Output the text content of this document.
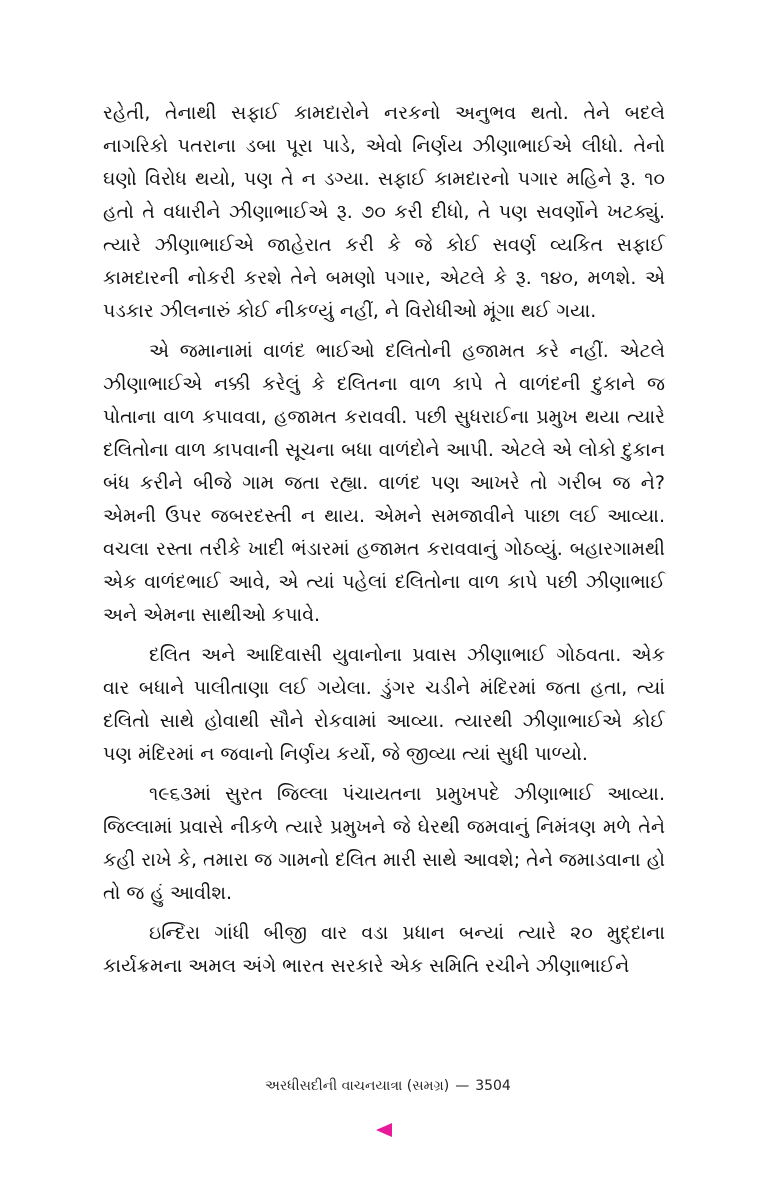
રહેતી, તેનાથી સફાઈ કામદારોને નરકનો અનુભવ થતો. તેને બદલે નાગરિકો પતરાના ડબા પૂરા પાડે, એવો નિર્ણય ઝીણાભાઈએ લીધો. તેનો ઘણો વિરોધ થયો, પણ તે ન ડગ્યા. સફાઈ કામદારનો પગાર મહિને રૂ. ૧૦ હતો તે વધારીને ઝીણાભાઈએ રૂ. ૭૦ કરી દીધો, તે પણ સવર્ણોને ખટક્યું. ત્યારે ઝીણાભાઈએ જાહેરાત કરી કે જે કોઈ સવર્ણ વ્યકિત સફાઈ કામદારની નોકરી કરશે તેને બમણો પગાર, એટલે કે રૂ. ૧૪૦, મળશે. એ પડકાર ઝીલનારું કોઈ નીકળ્યું નહીં, ને વિરોધીઓ મૂંગા થઈ ગયા.

એ જમાનામાં વાળંદ ભાઈઓ દલિતોની હજામત કરે નહીં. એટલે ઝીણાભાઈએ નક્કી કરેલું કે દલિતના વાળ કાપે તે વાળંદની દુકાને જ પોતાના વાળ કપાવવા, હજામત કરાવવી. પછી સુધરાઈના પ્રમુખ થયા ત્યારે દલિતોના વાળ કાપવાની સૂચના બધા વાળંદોને આપી. એટલે એ લોકો દુકાન બંધ કરીને બીજે ગામ જતા રહ્યા. વાળંદ પણ આખરે તો ગરીબ જ ને? એમની ઉપર જબરદસ્તી ન થાય. એમને સમજાવીને પાછા લઈ આવ્યા. વચલા રસ્તા તરીકે ખાદી ભંડારમાં હજામત કરાવવાનું ગોઠવ્યું. બહારગામથી એક વાળંદભાઈ આવે, એ ત્યાં પહેલાં દલિતોના વાળ કાપે પછી ઝીણાભાઈ અને એમના સાથીઓ કપાવે.

દલિત અને આદિવાસી યુવાનોના પ્રવાસ ઝીણાભાઈ ગોઠવતા. એક વાર બધાને પાલીતાણા લઈ ગયેલા. ડુંગર ચડીને મંદિરમાં જતા હતા, ત્યાં દલિતો સાથે હોવાથી સૌને રોકવામાં આવ્યા. ત્યારથી ઝીણાભાઈએ કોઈ પણ મંદિરમાં ન જવાનો નિર્ણય કર્યો, જે જીવ્યા ત્યાં સુધી પાળ્યો.

૧૯૬૩માં સુરત જિલ્લા પંચાયતના પ્રમુખપદે ઝીણાભાઈ આવ્યા. જિલ્લામાં પ્રવાસે નીકળે ત્યારે પ્રમુખને જે ઘેરથી જમવાનું નિમંત્રણ મળે તેને કહી રાખે કે, તમારા જ ગામનો દલિત મારી સાથે આવશે; તેને જમાડવાના હો તો જ હું આવીશ.

ઇન્દિરા ગાંધી બીજી વાર વડા પ્રધાન બન્યાં ત્યારે ૨૦ મુદ્દાના કાર્યક્રમના અમલ અંગે ભારત સરકારે એક સમિતિ રચીને ઝીણાભાઈને

અરધીસદીની વાચનયાત્રા (સમગ્ર) — 3504
